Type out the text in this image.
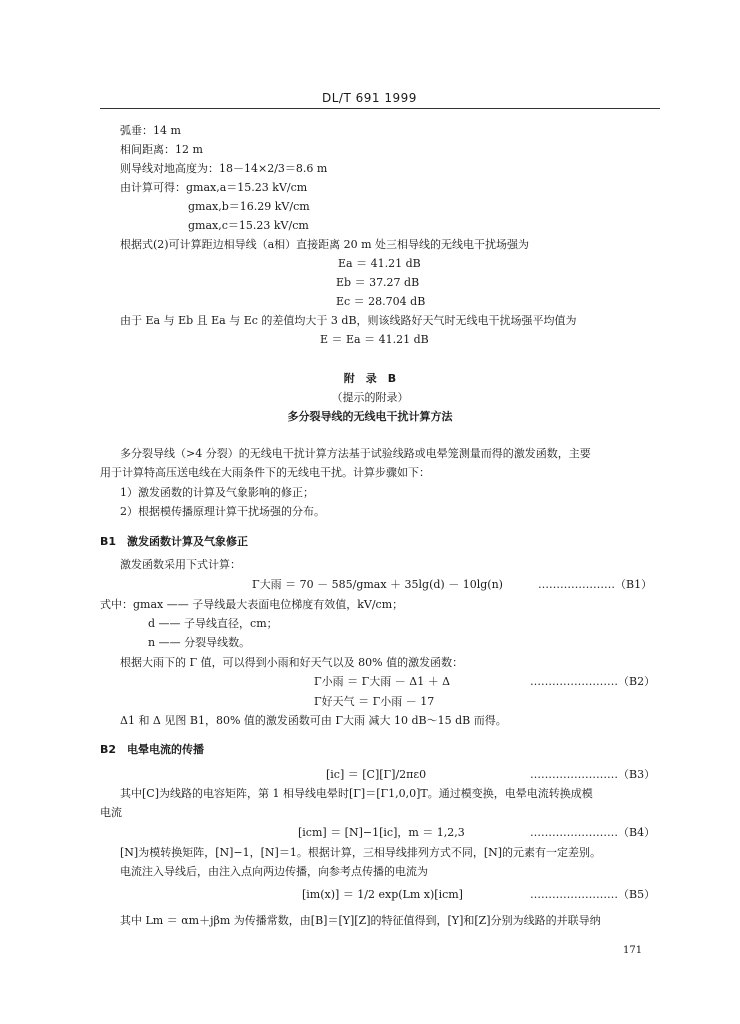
DL/T 691 1999
弧垂：14 m
相间距离：12 m
则导线对地高度为：18－14×2/3＝8.6 m
由计算可得：gmax,a＝15.23 kV/cm
gmax,b＝16.29 kV/cm
gmax,c＝15.23 kV/cm
根据式(2)可计算距边相导线（a相）直接距离 20 m 处三相导线的无线电干扰场强为
Ea ＝ 41.21 dB
Eb ＝ 37.27 dB
Ec ＝ 28.704 dB
由于 Ea 与 Eb 且 Ea 与 Ec 的差值均大于 3 dB，则该线路好天气时无线电干扰场强平均值为
E ＝ Ea ＝ 41.21 dB
附　录　B
（提示的附录）
多分裂导线的无线电干扰计算方法
多分裂导线（>4 分裂）的无线电干扰计算方法基于试验线路或电晕笼测量而得的激发函数，主要
用于计算特高压送电线在大雨条件下的无线电干扰。计算步骤如下：
1）激发函数的计算及气象影响的修正；
2）根据模传播原理计算干扰场强的分布。
B1 激发函数计算及气象修正
激发函数采用下式计算：
Γ大雨 ＝ 70 － 585/gmax ＋ 35lg(d) － 10lg(n)	…………………（B1）
式中：gmax —— 子导线最大表面电位梯度有效值，kV/cm；
d —— 子导线直径，cm；
n —— 分裂导线数。
根据大雨下的 Γ 值，可以得到小雨和好天气以及 80% 值的激发函数：
Γ小雨 ＝ Γ大雨 － Δ1 ＋ Δ	……………………（B2）
Γ好天气 ＝ Γ小雨 － 17
Δ1 和 Δ 见图 B1，80% 值的激发函数可由 Γ大雨 减大 10 dB～15 dB 而得。
B2 电晕电流的传播
[ic] ＝ [C][Γ]/2πε0	……………………（B3）
其中[C]为线路的电容矩阵，第 1 相导线电晕时[Γ]＝[Γ1,0,0]T。通过模变换，电晕电流转换成模
电流
[icm] ＝ [N]−1[ic]，m ＝ 1,2,3	……………………（B4）
[N]为模转换矩阵，[N]−1，[N]＝1。根据计算，三相导线排列方式不同，[N]的元素有一定差别。
电流注入导线后，由注入点向两边传播，向参考点传播的电流为
[im(x)] ＝ 1/2 exp(Lm x)[icm]	……………………（B5）
其中 Lm ＝ αm＋jβm 为传播常数，由[B]＝[Y][Z]的特征值得到，[Y]和[Z]分别为线路的并联导纳
171
